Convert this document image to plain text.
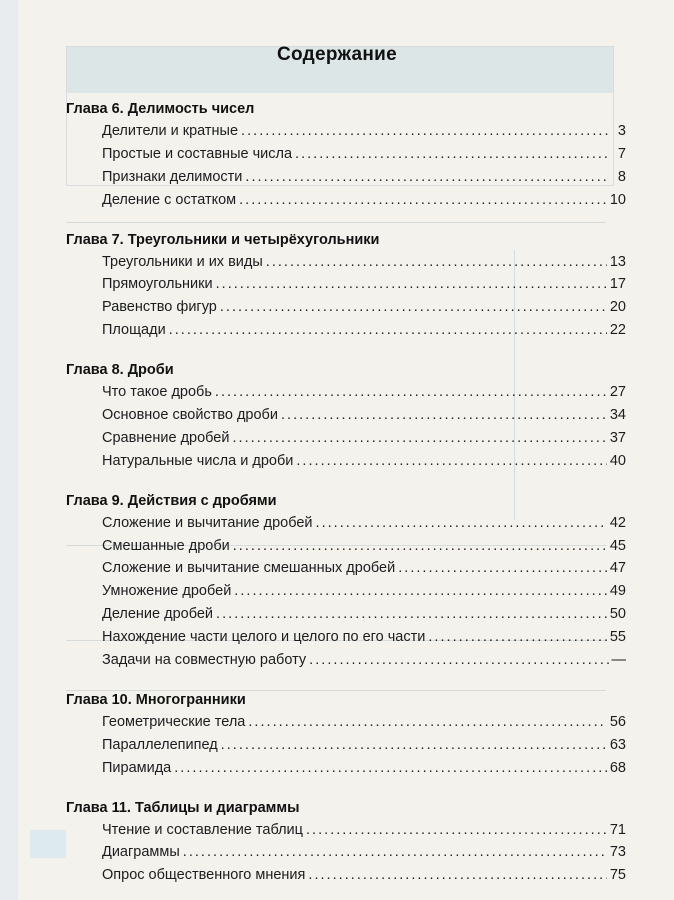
Содержание
Глава 6. Делимость чисел
Делители и кратные . . .	3
Простые и составные числа . . .	7
Признаки делимости . . .	8
Деление с остатком . . .	10
Глава 7. Треугольники и четырёхугольники
Треугольники и их виды . . .	13
Прямоугольники . . .	17
Равенство фигур . . .	20
Площади . . .	22
Глава 8. Дроби
Что такое дробь . . .	27
Основное свойство дроби . . .	34
Сравнение дробей . . .	37
Натуральные числа и дроби . . .	40
Глава 9. Действия с дробями
Сложение и вычитание дробей . . .	42
Смешанные дроби . . .	45
Сложение и вычитание смешанных дробей . . .	47
Умножение дробей . . .	49
Деление дробей . . .	50
Нахождение части целого и целого по его части . . .	55
Задачи на совместную работу . . .	—
Глава 10. Многогранники
Геометрические тела . . .	56
Параллелепипед . . .	63
Пирамида . . .	68
Глава 11. Таблицы и диаграммы
Чтение и составление таблиц . . .	71
Диаграммы . . .	73
Опрос общественного мнения . . .	75
